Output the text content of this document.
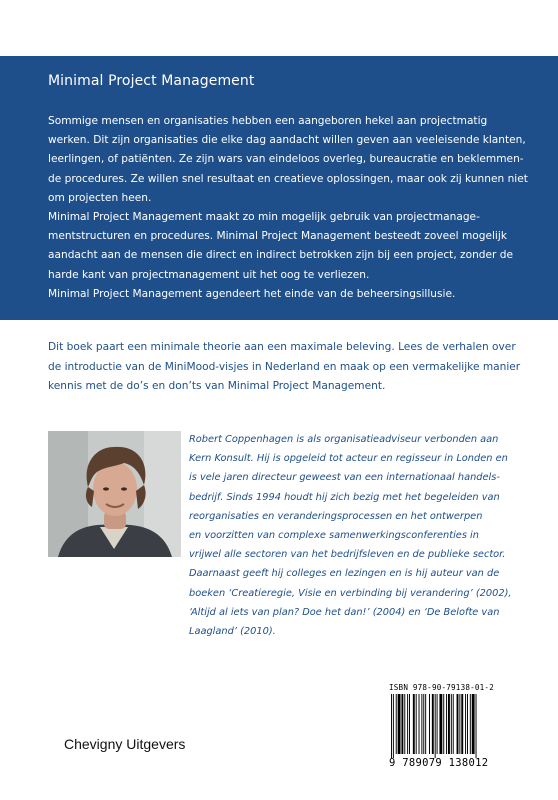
Minimal Project Management

Sommige mensen en organisaties hebben een aangeboren hekel aan projectmatig

werken. Dit zijn organisaties die elke dag aandacht willen geven aan veeleisende klanten,

leerlingen, of patiënten. Ze zijn wars van eindeloos overleg, bureaucratie en beklemmen-

de procedures. Ze willen snel resultaat en creatieve oplossingen, maar ook zij kunnen niet

om projecten heen.

Minimal Project Management maakt zo min mogelijk gebruik van projectmanage-

mentstructuren en procedures. Minimal Project Management besteedt zoveel mogelijk

aandacht aan de mensen die direct en indirect betrokken zijn bij een project, zonder de

harde kant van projectmanagement uit het oog te verliezen.

Minimal Project Management agendeert het einde van de beheersingsillusie.

Dit boek paart een minimale theorie aan een maximale beleving. Lees de verhalen over

de introductie van de MiniMood-visjes in Nederland en maak op een vermakelijke manier

kennis met de do’s en don’ts van Minimal Project Management.

Robert Coppenhagen is als organisatieadviseur verbonden aan

Kern Konsult. Hij is opgeleid tot acteur en regisseur in Londen en

is vele jaren directeur geweest van een internationaal handels-

bedrijf. Sinds 1994 houdt hij zich bezig met het begeleiden van

reorganisaties en veranderingsprocessen en het ontwerpen

en voorzitten van complexe samenwerkingsconferenties in

vrijwel alle sectoren van het bedrijfsleven en de publieke sector.

Daarnaast geeft hij colleges en lezingen en is hij auteur van de

boeken ‘Creatieregie, Visie en verbinding bij verandering’ (2002),

‘Altijd al iets van plan? Doe het dan!’ (2004) en ‘De Belofte van

Laagland’ (2010).

Chevigny Uitgevers

ISBN 978-90-79138-01-2
9 789079 138012
